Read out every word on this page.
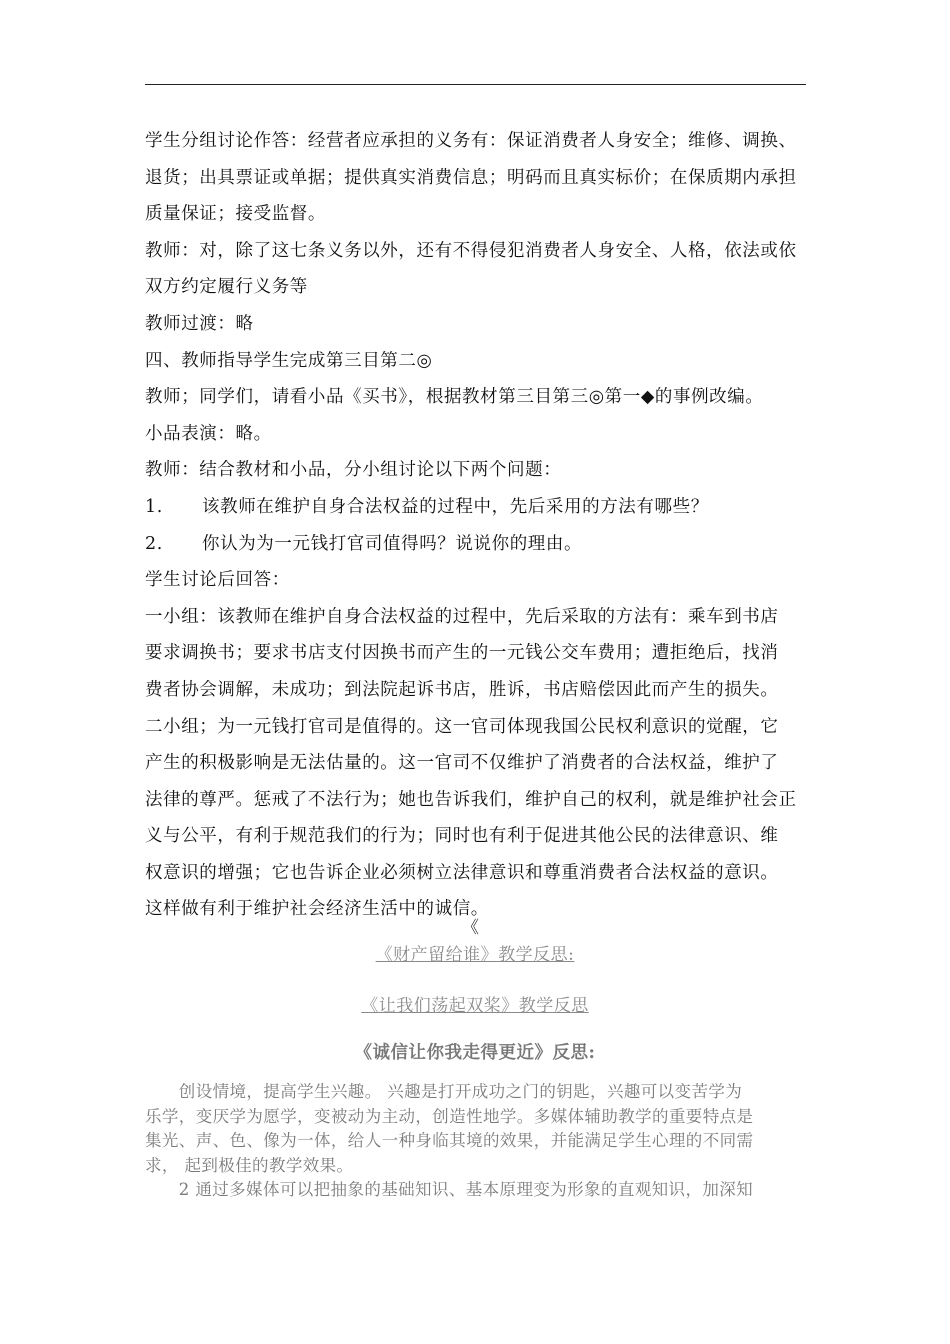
学生分组讨论作答：经营者应承担的义务有：保证消费者人身安全；维修、调换、
退货；出具票证或单据；提供真实消费信息；明码而且真实标价；在保质期内承担
质量保证；接受监督。
教师：对，除了这七条义务以外，还有不得侵犯消费者人身安全、人格，依法或依
双方约定履行义务等
教师过渡：略
四、教师指导学生完成第三目第二◎
教师；同学们，请看小品《买书》，根据教材第三目第三◎第一◆的事例改编。
小品表演：略。
教师：结合教材和小品，分小组讨论以下两个问题：
1. 该教师在维护自身合法权益的过程中，先后采用的方法有哪些？
2. 你认为为一元钱打官司值得吗？说说你的理由。
学生讨论后回答：
一小组：该教师在维护自身合法权益的过程中，先后采取的方法有：乘车到书店
要求调换书；要求书店支付因换书而产生的一元钱公交车费用；遭拒绝后，找消
费者协会调解，未成功；到法院起诉书店，胜诉，书店赔偿因此而产生的损失。
二小组；为一元钱打官司是值得的。这一官司体现我国公民权利意识的觉醒，它
产生的积极影响是无法估量的。这一官司不仅维护了消费者的合法权益，维护了
法律的尊严。惩戒了不法行为；她也告诉我们，维护自己的权利，就是维护社会正
义与公平，有利于规范我们的行为；同时也有利于促进其他公民的法律意识、维
权意识的增强；它也告诉企业必须树立法律意识和尊重消费者合法权益的意识。
这样做有利于维护社会经济生活中的诚信。
《
《财产留给谁》教学反思:
《让我们荡起双桨》教学反思
《诚信让你我走得更近》反思:
　　创设情境，提高学生兴趣。 兴趣是打开成功之门的钥匙，兴趣可以变苦学为
乐学，变厌学为愿学，变被动为主动，创造性地学。多媒体辅助教学的重要特点是
集光、声、色、像为一体，给人一种身临其境的效果，并能满足学生心理的不同需
求， 起到极佳的教学效果。
　　2 通过多媒体可以把抽象的基础知识、基本原理变为形象的直观知识，加深知
